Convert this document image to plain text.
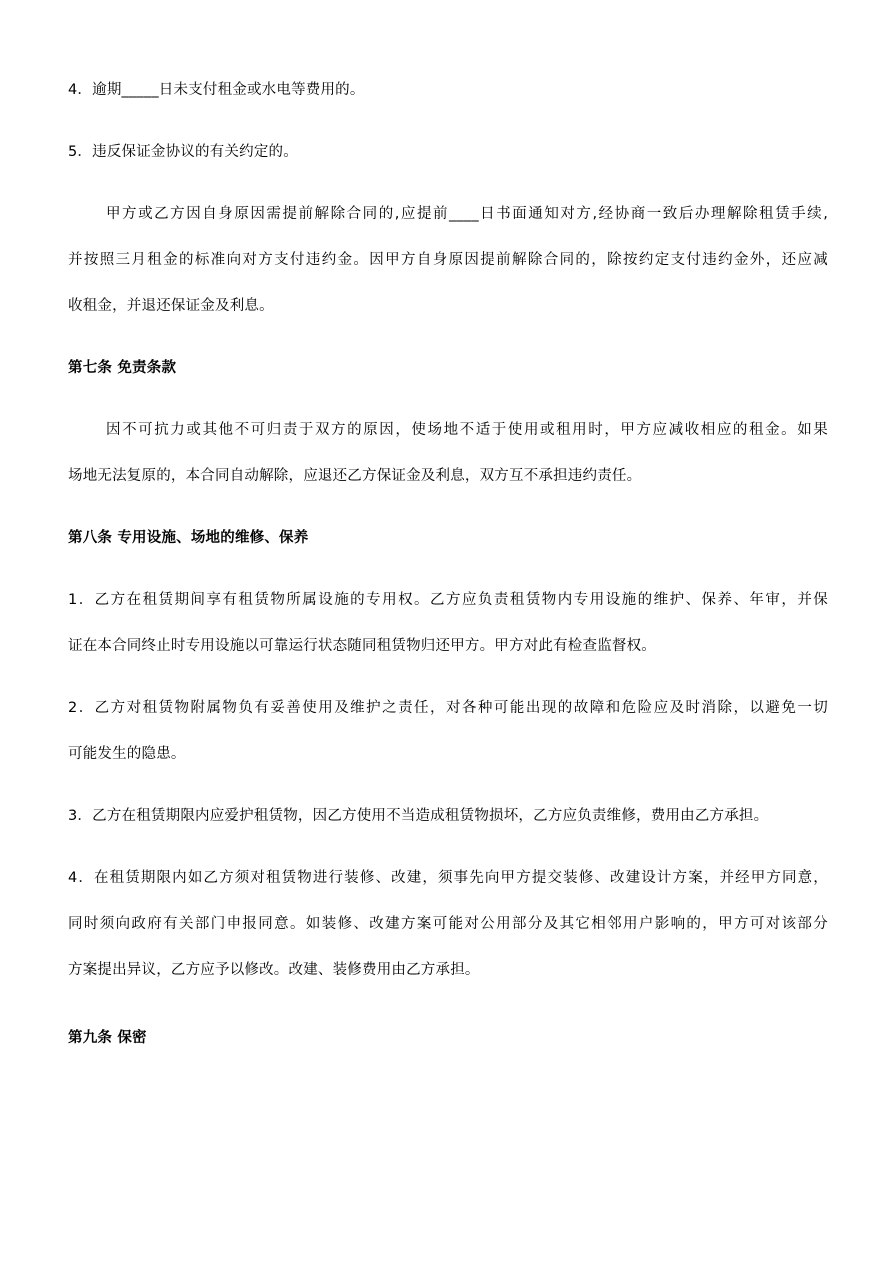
4．逾期_____日未支付租金或水电等费用的。
5．违反保证金协议的有关约定的。
甲方或乙方因自身原因需提前解除合同的,应提前____日书面通知对方,经协商一致后办理解除租赁手续,
并按照三月租金的标准向对方支付违约金。因甲方自身原因提前解除合同的，除按约定支付违约金外，还应减
收租金，并退还保证金及利息。
第七条 免责条款
因不可抗力或其他不可归责于双方的原因，使场地不适于使用或租用时，甲方应减收相应的租金。如果
场地无法复原的，本合同自动解除，应退还乙方保证金及利息，双方互不承担违约责任。
第八条 专用设施、场地的维修、保养
1．乙方在租赁期间享有租赁物所属设施的专用权。乙方应负责租赁物内专用设施的维护、保养、年审，并保
证在本合同终止时专用设施以可靠运行状态随同租赁物归还甲方。甲方对此有检查监督权。
2．乙方对租赁物附属物负有妥善使用及维护之责任，对各种可能出现的故障和危险应及时消除，以避免一切
可能发生的隐患。
3．乙方在租赁期限内应爱护租赁物，因乙方使用不当造成租赁物损坏，乙方应负责维修，费用由乙方承担。
4．在租赁期限内如乙方须对租赁物进行装修、改建，须事先向甲方提交装修、改建设计方案，并经甲方同意，
同时须向政府有关部门申报同意。如装修、改建方案可能对公用部分及其它相邻用户影响的，甲方可对该部分
方案提出异议，乙方应予以修改。改建、装修费用由乙方承担。
第九条 保密
